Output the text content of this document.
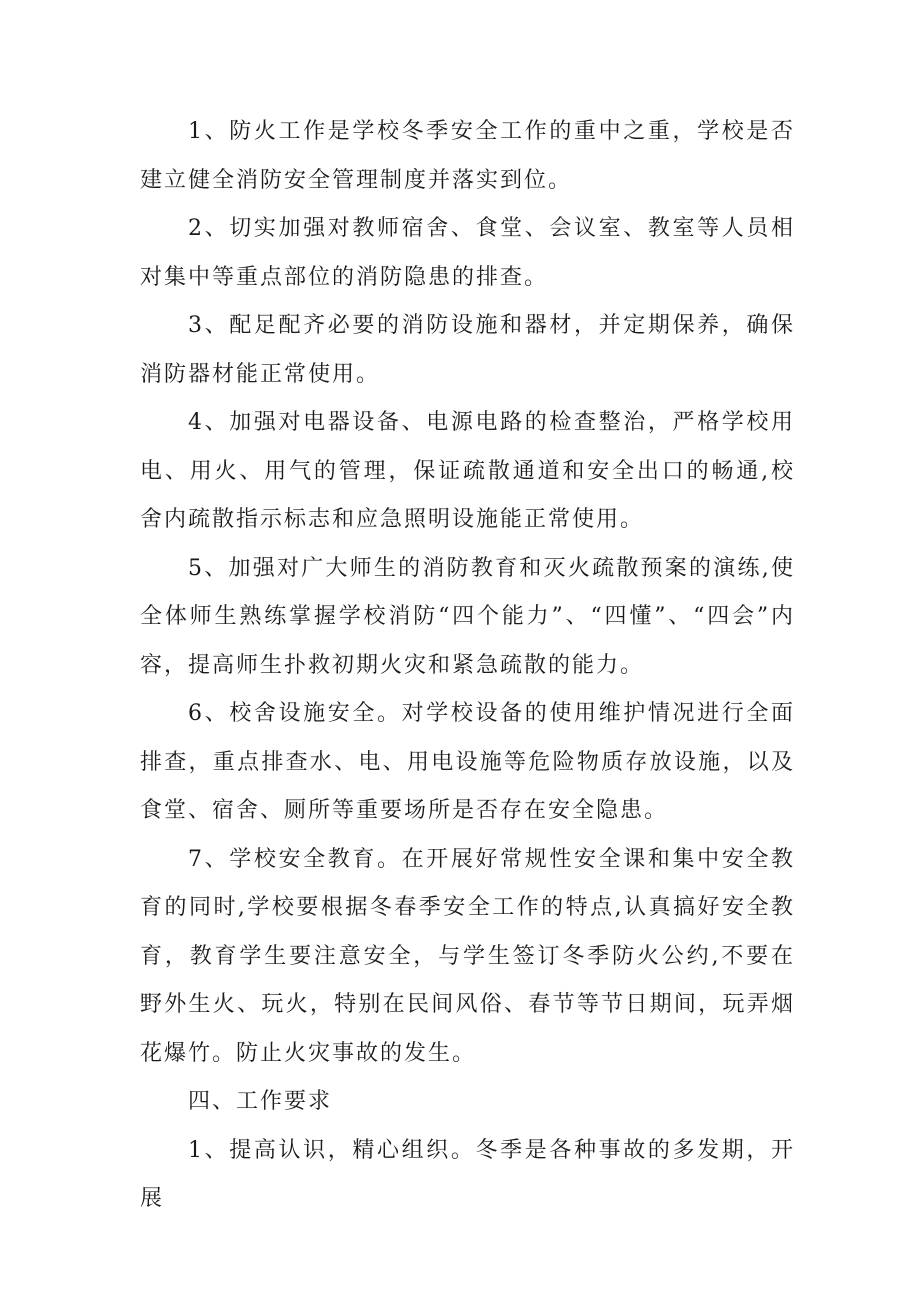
1、防火工作是学校冬季安全工作的重中之重，学校是否建立健全消防安全管理制度并落实到位。

2、切实加强对教师宿舍、食堂、会议室、教室等人员相对集中等重点部位的消防隐患的排查。

3、配足配齐必要的消防设施和器材，并定期保养，确保消防器材能正常使用。

4、加强对电器设备、电源电路的检查整治，严格学校用电、用火、用气的管理，保证疏散通道和安全出口的畅通,校舍内疏散指示标志和应急照明设施能正常使用。

5、加强对广大师生的消防教育和灭火疏散预案的演练,使全体师生熟练掌握学校消防“四个能力”、“四懂”、“四会”内容，提高师生扑救初期火灾和紧急疏散的能力。

6、校舍设施安全。对学校设备的使用维护情况进行全面排查，重点排查水、电、用电设施等危险物质存放设施，以及食堂、宿舍、厕所等重要场所是否存在安全隐患。

7、学校安全教育。在开展好常规性安全课和集中安全教育的同时,学校要根据冬春季安全工作的特点,认真搞好安全教育，教育学生要注意安全，与学生签订冬季防火公约,不要在野外生火、玩火，特别在民间风俗、春节等节日期间，玩弄烟花爆竹。防止火灾事故的发生。

四、工作要求

1、提高认识，精心组织。冬季是各种事故的多发期，开展
